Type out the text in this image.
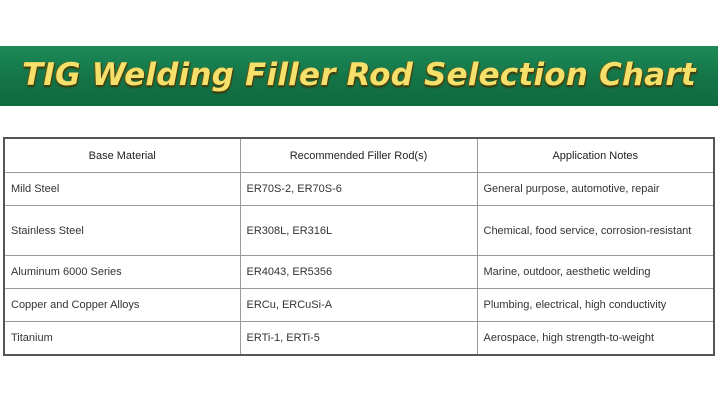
TIG Welding Filler Rod Selection Chart
Base Material	Recommended Filler Rod(s)	Application Notes
Mild Steel	ER70S-2, ER70S-6	General purpose, automotive, repair
Stainless Steel	ER308L, ER316L	Chemical, food service, corrosion-resistant
Aluminum 6000 Series	ER4043, ER5356	Marine, outdoor, aesthetic welding
Copper and Copper Alloys	ERCu, ERCuSi-A	Plumbing, electrical, high conductivity
Titanium	ERTi-1, ERTi-5	Aerospace, high strength-to-weight
